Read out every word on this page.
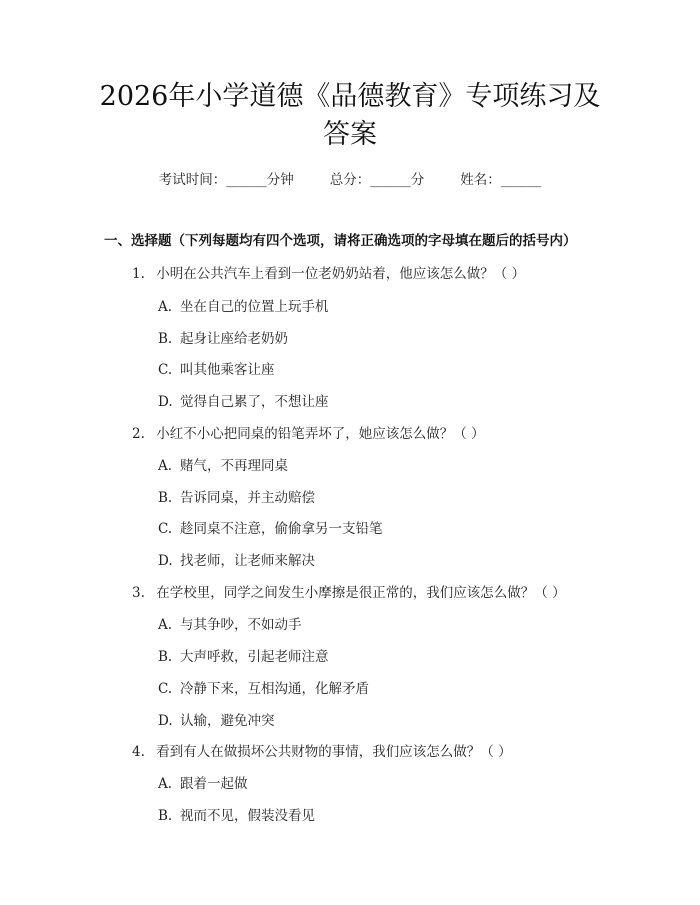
2026年小学道德《品德教育》专项练习及答案
考试时间：______分钟	总分：______分	姓名：______
一、选择题（下列每题均有四个选项，请将正确选项的字母填在题后的括号内）
1. 小明在公共汽车上看到一位老奶奶站着，他应该怎么做？（ ）
A. 坐在自己的位置上玩手机
B. 起身让座给老奶奶
C. 叫其他乘客让座
D. 觉得自己累了，不想让座
2. 小红不小心把同桌的铅笔弄坏了，她应该怎么做？（ ）
A. 赌气，不再理同桌
B. 告诉同桌，并主动赔偿
C. 趁同桌不注意，偷偷拿另一支铅笔
D. 找老师，让老师来解决
3. 在学校里，同学之间发生小摩擦是很正常的，我们应该怎么做？（ ）
A. 与其争吵，不如动手
B. 大声呼救，引起老师注意
C. 冷静下来，互相沟通，化解矛盾
D. 认输，避免冲突
4. 看到有人在做损坏公共财物的事情，我们应该怎么做？（ ）
A. 跟着一起做
B. 视而不见，假装没看见
